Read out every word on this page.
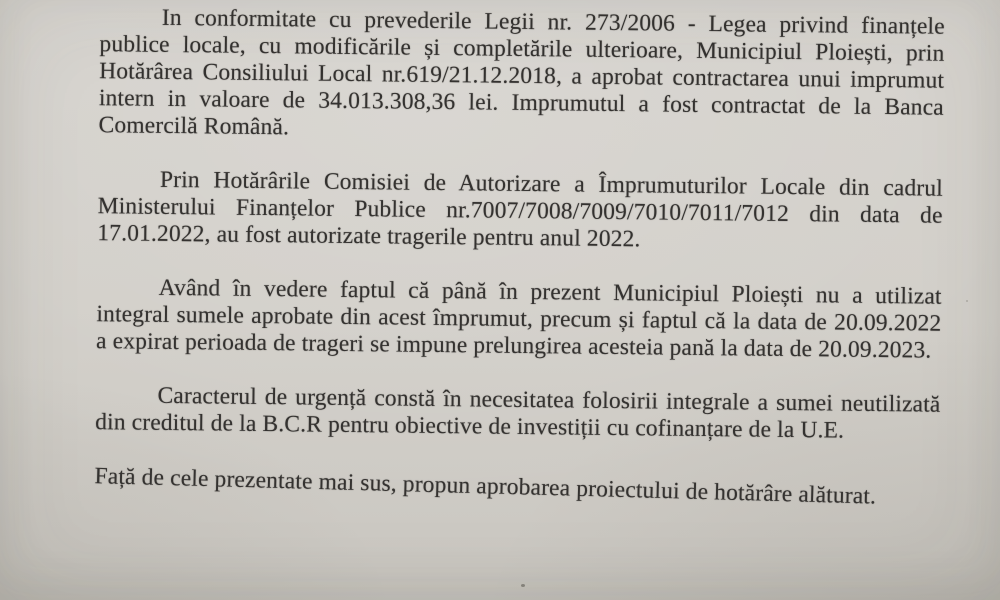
In conformitate cu prevederile Legii nr. 273/2006 - Legea privind finanțele publice locale, cu modificările și completările ulterioare, Municipiul Ploiești, prin Hotărârea Consiliului Local nr.619/21.12.2018, a aprobat contractarea unui imprumut intern in valoare de 34.013.308,36 lei. Imprumutul a fost contractat de la Banca Comercilă Română.

Prin Hotărârile Comisiei de Autorizare a Împrumuturilor Locale din cadrul Ministerului Finanțelor Publice nr.7007/7008/7009/7010/7011/7012 din data de 17.01.2022, au fost autorizate tragerile pentru anul 2022.

Având în vedere faptul că până în prezent Municipiul Ploiești nu a utilizat integral sumele aprobate din acest împrumut, precum și faptul că la data de 20.09.2022 a expirat perioada de trageri se impune prelungirea acesteia pană la data de 20.09.2023.

Caracterul de urgență constă în necesitatea folosirii integrale a sumei neutilizată din creditul de la B.C.R pentru obiective de investiții cu cofinanțare de la U.E.

Față de cele prezentate mai sus, propun aprobarea proiectului de hotărâre alăturat.
